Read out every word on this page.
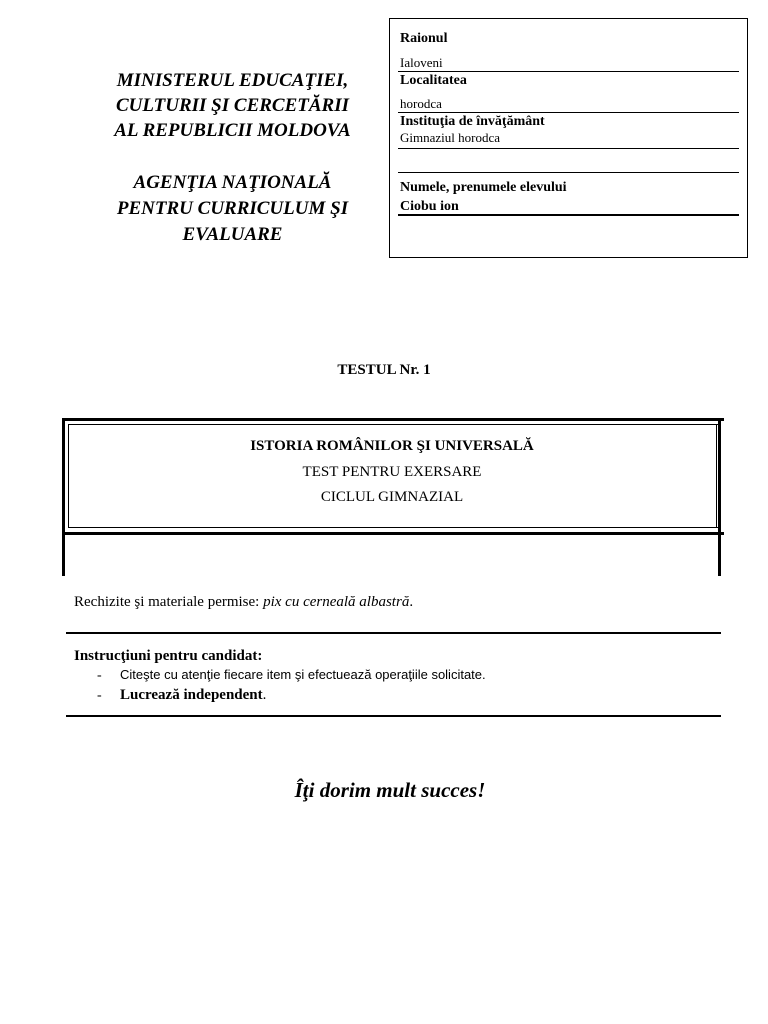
MINISTERUL EDUCAŢIEI,
CULTURII ŞI CERCETĂRII
AL REPUBLICII MOLDOVA
AGENŢIA NAŢIONALĂ
PENTRU CURRICULUM ŞI
EVALUARE
Raionul
Ialoveni
Localitatea
horodca
Instituţia de învăţământ
Gimnaziul horodca
Numele, prenumele elevului
Ciobu ion
TESTUL Nr. 1
ISTORIA ROMÂNILOR ŞI UNIVERSALĂ
TEST PENTRU EXERSARE
CICLUL GIMNAZIAL
Rechizite şi materiale permise: pix cu cerneală albastră.
Instrucţiuni pentru candidat:
- Citeşte cu atenţie fiecare item şi efectuează operaţiile solicitate.
- Lucrează independent.
Îţi dorim mult succes!
